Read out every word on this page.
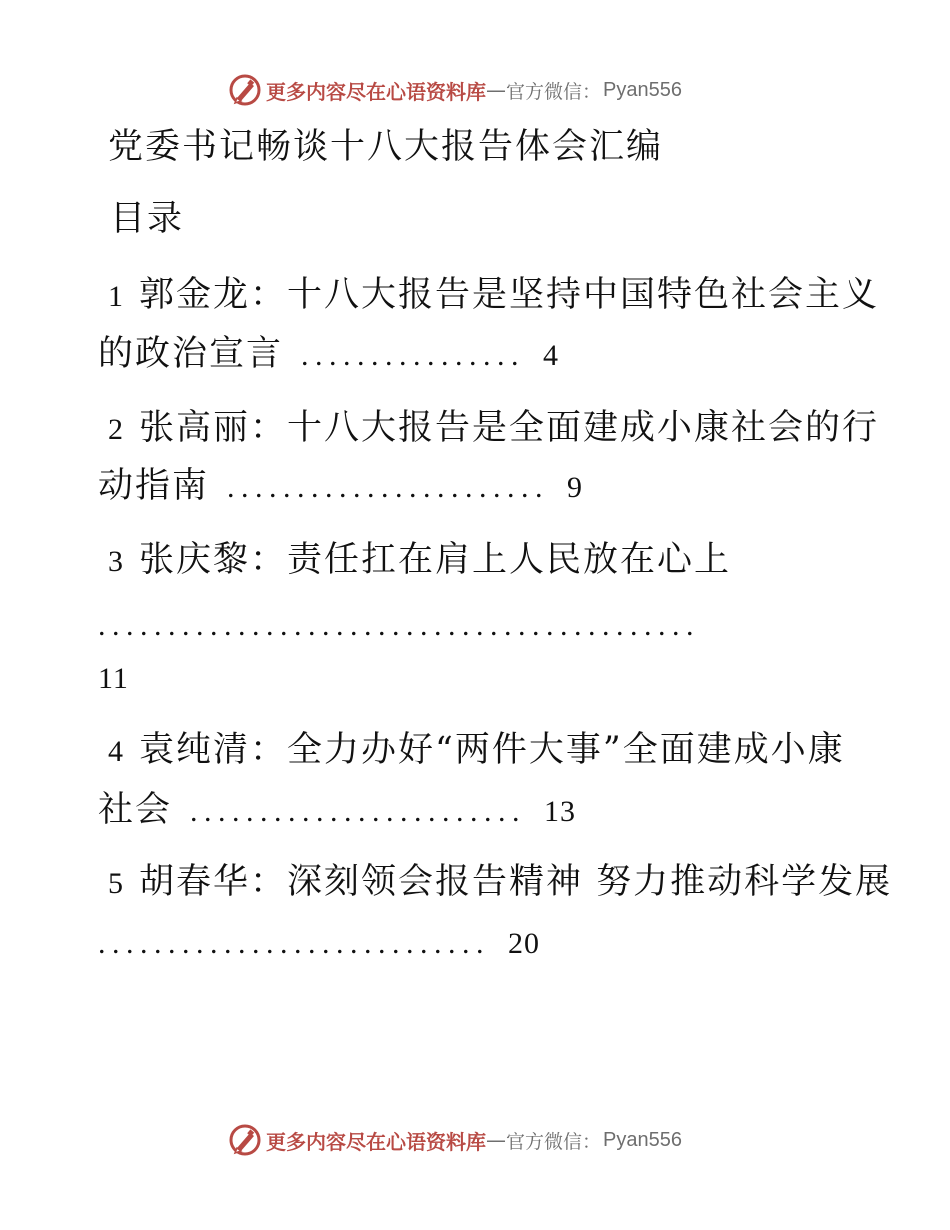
更多内容尽在心语资料库 — 官方微信： Pyan556
党委书记畅谈十八大报告体会汇编
目录
1 郭金龙：十八大报告是坚持中国特色社会主义
的政治宣言 ................ 4
2 张高丽：十八大报告是全面建成小康社会的行
动指南 ....................... 9
3 张庆黎：责任扛在肩上人民放在心上
...........................................
11
4 袁纯清：全力办好“两件大事”全面建成小康
社会 ........................ 13
5 胡春华：深刻领会报告精神 努力推动科学发展
............................ 20
更多内容尽在心语资料库 — 官方微信： Pyan556
